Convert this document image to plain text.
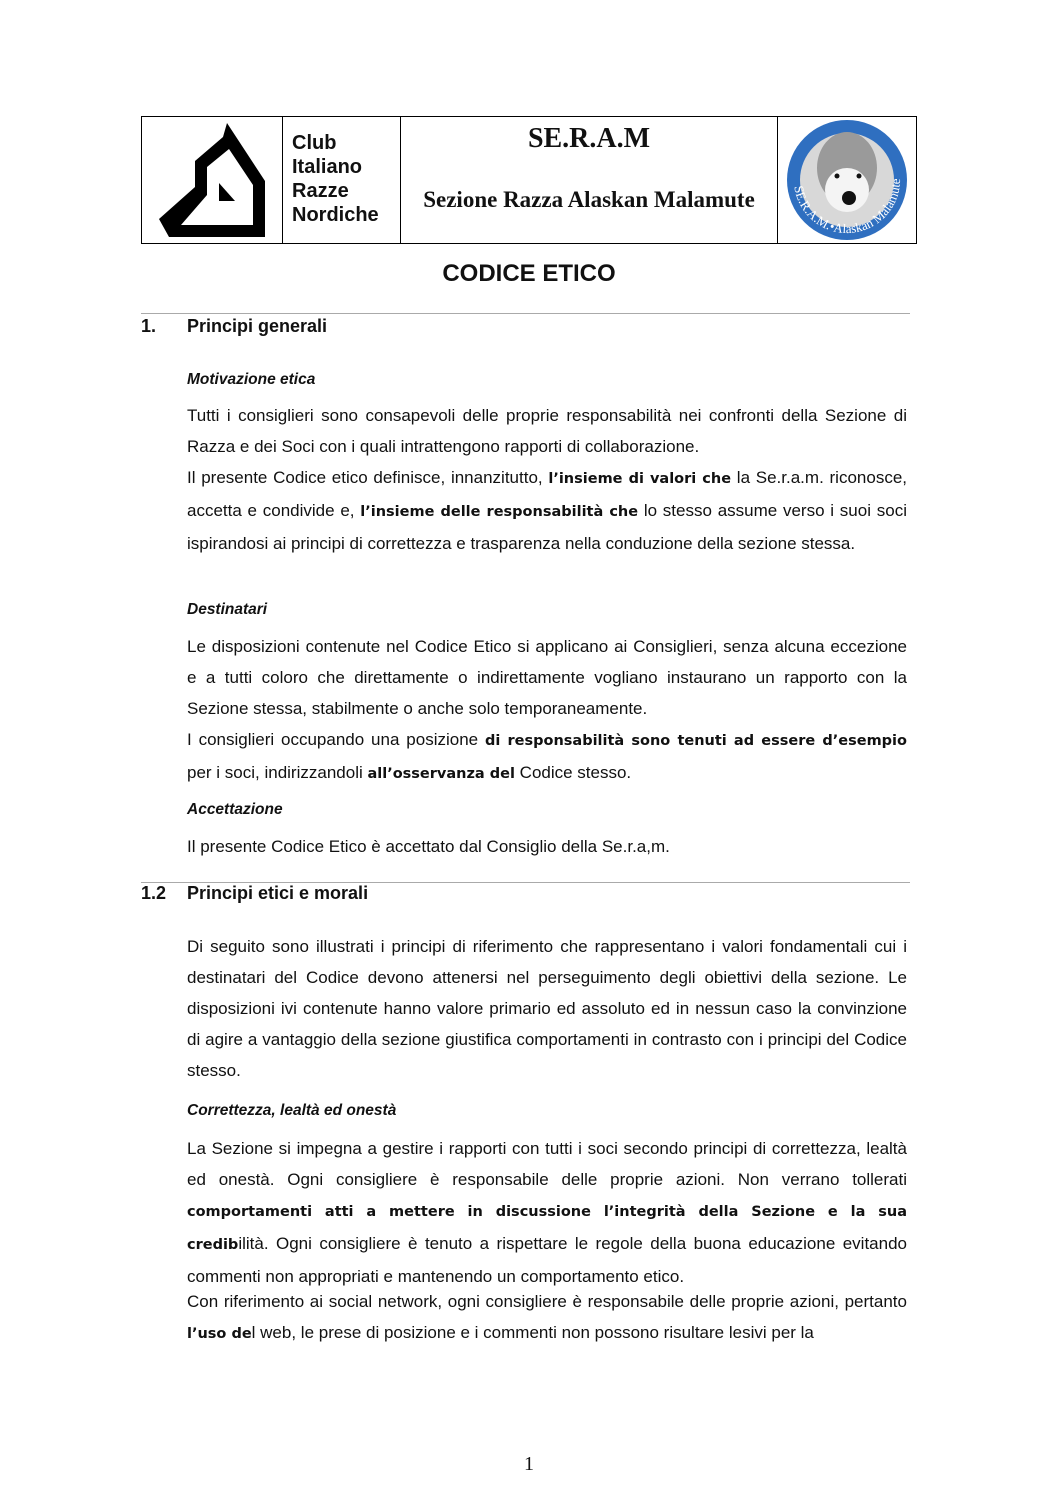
Club
Italiano
Razze
Nordiche
SE.R.A.M
Sezione Razza Alaskan Malamute	SE.R.A.M.•Alaskan Malamute
CODICE ETICO
1. Principi generali
Motivazione etica
Tutti i consiglieri sono consapevoli delle proprie responsabilità nei confronti della Sezione di Razza e dei Soci con i quali intrattengono rapporti di collaborazione.
Il presente Codice etico definisce, innanzitutto, l’insieme di valori che la Se.r.a.m. riconosce, accetta e condivide e, l’insieme delle responsabilità che lo stesso assume verso i suoi soci ispirandosi ai principi di correttezza e trasparenza nella conduzione della sezione stessa.
Destinatari
Le disposizioni contenute nel Codice Etico si applicano ai Consiglieri, senza alcuna eccezione e a tutti coloro che direttamente o indirettamente vogliano instaurano un rapporto con la Sezione stessa, stabilmente o anche solo temporaneamente.
I consiglieri occupando una posizione di responsabilità sono tenuti ad essere d’esempio per i soci, indirizzandoli all’osservanza del Codice stesso.
Accettazione
Il presente Codice Etico è accettato dal Consiglio della Se.r.a,m.
1.2 Principi etici e morali
Di seguito sono illustrati i principi di riferimento che rappresentano i valori fondamentali cui i destinatari del Codice devono attenersi nel perseguimento degli obiettivi della sezione. Le disposizioni ivi contenute hanno valore primario ed assoluto ed in nessun caso la convinzione di agire a vantaggio della sezione giustifica comportamenti in contrasto con i principi del Codice stesso.
Correttezza, lealtà ed onestà
La Sezione si impegna a gestire i rapporti con tutti i soci secondo principi di correttezza, lealtà ed onestà. Ogni consigliere è responsabile delle proprie azioni. Non verrano tollerati comportamenti atti a mettere in discussione l’integrità della Sezione e la sua credibilità. Ogni consigliere è tenuto a rispettare le regole della buona educazione evitando commenti non appropriati e mantenendo un comportamento etico.
Con riferimento ai social network, ogni consigliere è responsabile delle proprie azioni, pertanto l’uso del web, le prese di posizione e i commenti non possono risultare lesivi per la
1
